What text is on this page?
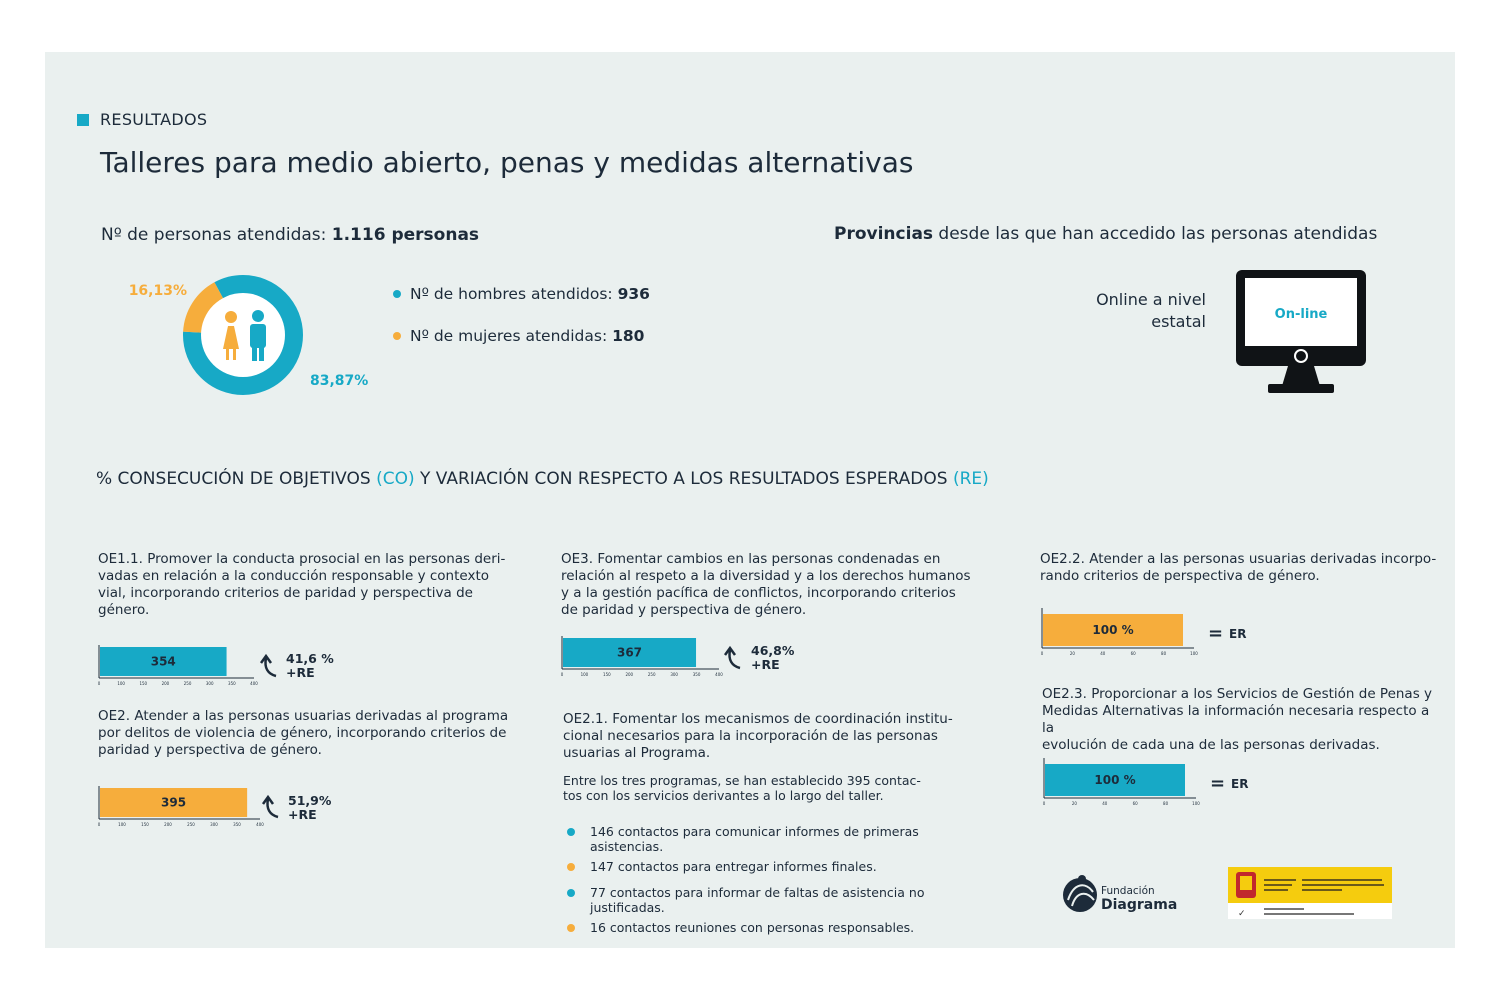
RESULTADOS
Talleres para medio abierto, penas y medidas alternativas
Nº de personas atendidas: 1.116 personas
16,13%
83,87%
Nº de hombres atendidos: 936
Nº de mujeres atendidas: 180
Provincias desde las que han accedido las personas atendidas
Online a nivel
estatal	On-line
% CONSECUCIÓN DE OBJETIVOS (CO) Y VARIACIÓN CON RESPECTO A LOS RESULTADOS ESPERADOS (RE)
OE1.1. Promover la conducta prosocial en las personas deri-
vadas en relación a la conducción responsable y contexto
vial, incorporando criterios de paridad y perspectiva de
género.
354
0	100	150	200	250	300	350	400
41,6 %
+RE
OE2. Atender a las personas usuarias derivadas al programa
por delitos de violencia de género, incorporando criterios de
paridad y perspectiva de género.
395
0	100	150	200	250	300	350	400
51,9%
+RE
OE3. Fomentar cambios en las personas condenadas en
relación al respeto a la diversidad y a los derechos humanos
y a la gestión pacífica de conflictos, incorporando criterios
de paridad y perspectiva de género.
367
0	100	150	200	250	300	350	400
46,8%
+RE
OE2.1. Fomentar los mecanismos de coordinación institu-
cional necesarios para la incorporación de las personas
usuarias al Programa.
Entre los tres programas, se han establecido 395 contac-
tos con los servicios derivantes a lo largo del taller.
146 contactos para comunicar informes de primeras
asistencias.
147 contactos para entregar informes finales.
77 contactos para informar de faltas de asistencia no
justificadas.
16 contactos reuniones con personas responsables.
OE2.2. Atender a las personas usuarias derivadas incorpo-
rando criterios de perspectiva de género.
100 %
0	20	40	60	80	100
= ER
OE2.3. Proporcionar a los Servicios de Gestión de Penas y
Medidas Alternativas la información necesaria respecto a la
evolución de cada una de las personas derivadas.
100 %
0	20	40	60	80	100
= ER
Fundación
Diagrama
✓
